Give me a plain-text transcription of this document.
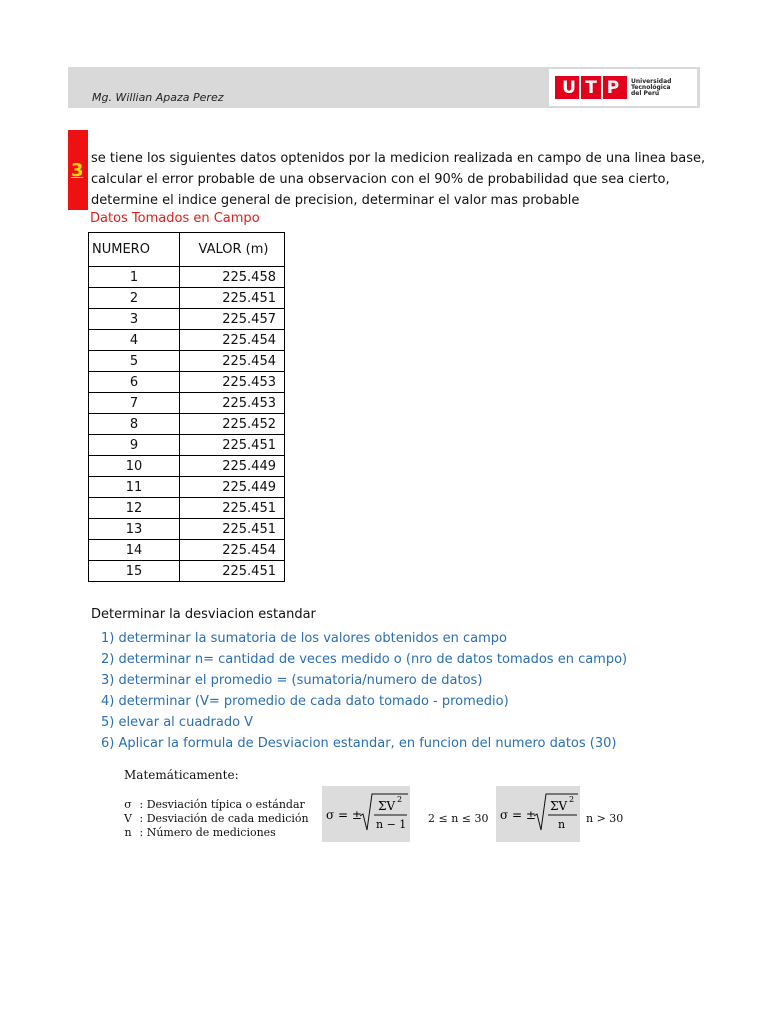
Mg. Willian Apaza Perez	U T P	Universidad
Tecnológica
del Perú
3
se tiene los siguientes datos optenidos por la medicion realizada en campo de una linea base,
calcular el error probable de una observacion con el 90% de probabilidad que sea cierto,
determine el indice general de precision, determinar el valor mas probable
Datos Tomados en Campo
NUMERO	VALOR (m)
1	225.458
2	225.451
3	225.457
4	225.454
5	225.454
6	225.453
7	225.453
8	225.452
9	225.451
10	225.449
11	225.449
12	225.451
13	225.451
14	225.454
15	225.451
Determinar la desviacion estandar
1) determinar la sumatoria de los valores obtenidos en campo
2) determinar n= cantidad de veces medido o (nro de datos tomados en campo)
3) determinar el promedio = (sumatoria/numero de datos)
4) determinar (V= promedio de cada dato tomado - promedio)
5) elevar al cuadrado V
6) Aplicar la formula de Desviacion estandar, en funcion del numero datos (30)
Matemáticamente:
σ : Desviación típica o estándar
V : Desviación de cada medición
n : Número de mediciones
σ = ±
ΣV 2
n − 1 2 ≤ n ≤ 30 σ = ±
ΣV 2
n n > 30
